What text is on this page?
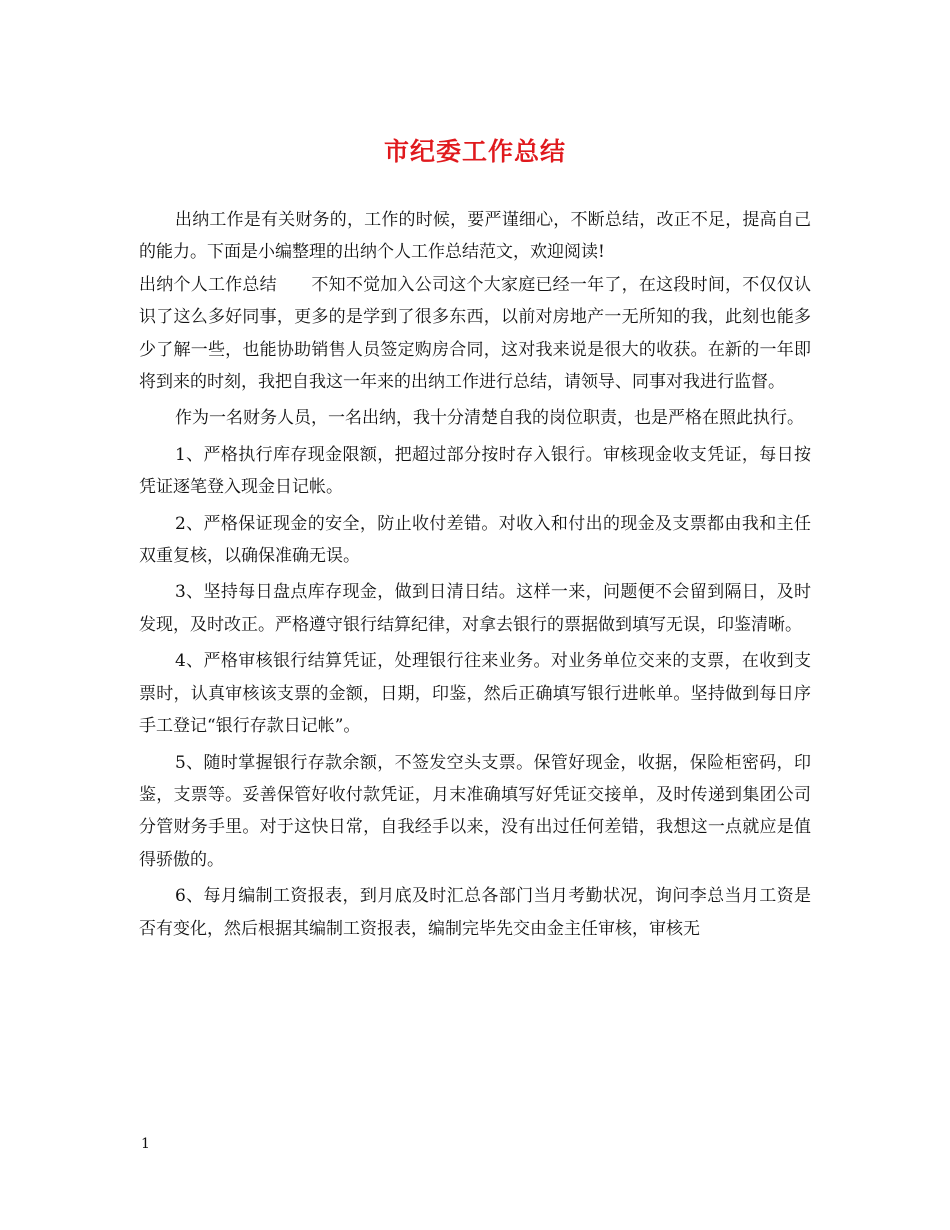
市纪委工作总结

出纳工作是有关财务的，工作的时候，要严谨细心，不断总结，改正不足，提高自己的能力。下面是小编整理的出纳个人工作总结范文，欢迎阅读!

出纳个人工作总结　　不知不觉加入公司这个大家庭已经一年了，在这段时间，不仅仅认识了这么多好同事，更多的是学到了很多东西，以前对房地产一无所知的我，此刻也能多少了解一些，也能协助销售人员签定购房合同，这对我来说是很大的收获。在新的一年即将到来的时刻，我把自我这一年来的出纳工作进行总结，请领导、同事对我进行监督。

作为一名财务人员，一名出纳，我十分清楚自我的岗位职责，也是严格在照此执行。

1、严格执行库存现金限额，把超过部分按时存入银行。审核现金收支凭证，每日按凭证逐笔登入现金日记帐。

2、严格保证现金的安全，防止收付差错。对收入和付出的现金及支票都由我和主任双重复核，以确保准确无误。

3、坚持每日盘点库存现金，做到日清日结。这样一来，问题便不会留到隔日，及时发现，及时改正。严格遵守银行结算纪律，对拿去银行的票据做到填写无误，印鉴清晰。

4、严格审核银行结算凭证，处理银行往来业务。对业务单位交来的支票，在收到支票时，认真审核该支票的金额，日期，印鉴，然后正确填写银行进帐单。坚持做到每日序手工登记“银行存款日记帐”。

5、随时掌握银行存款余额，不签发空头支票。保管好现金，收据，保险柜密码，印鉴，支票等。妥善保管好收付款凭证，月末准确填写好凭证交接单，及时传递到集团公司分管财务手里。对于这快日常，自我经手以来，没有出过任何差错，我想这一点就应是值得骄傲的。

6、每月编制工资报表，到月底及时汇总各部门当月考勤状况，询问李总当月工资是否有变化，然后根据其编制工资报表，编制完毕先交由金主任审核，审核无

1
